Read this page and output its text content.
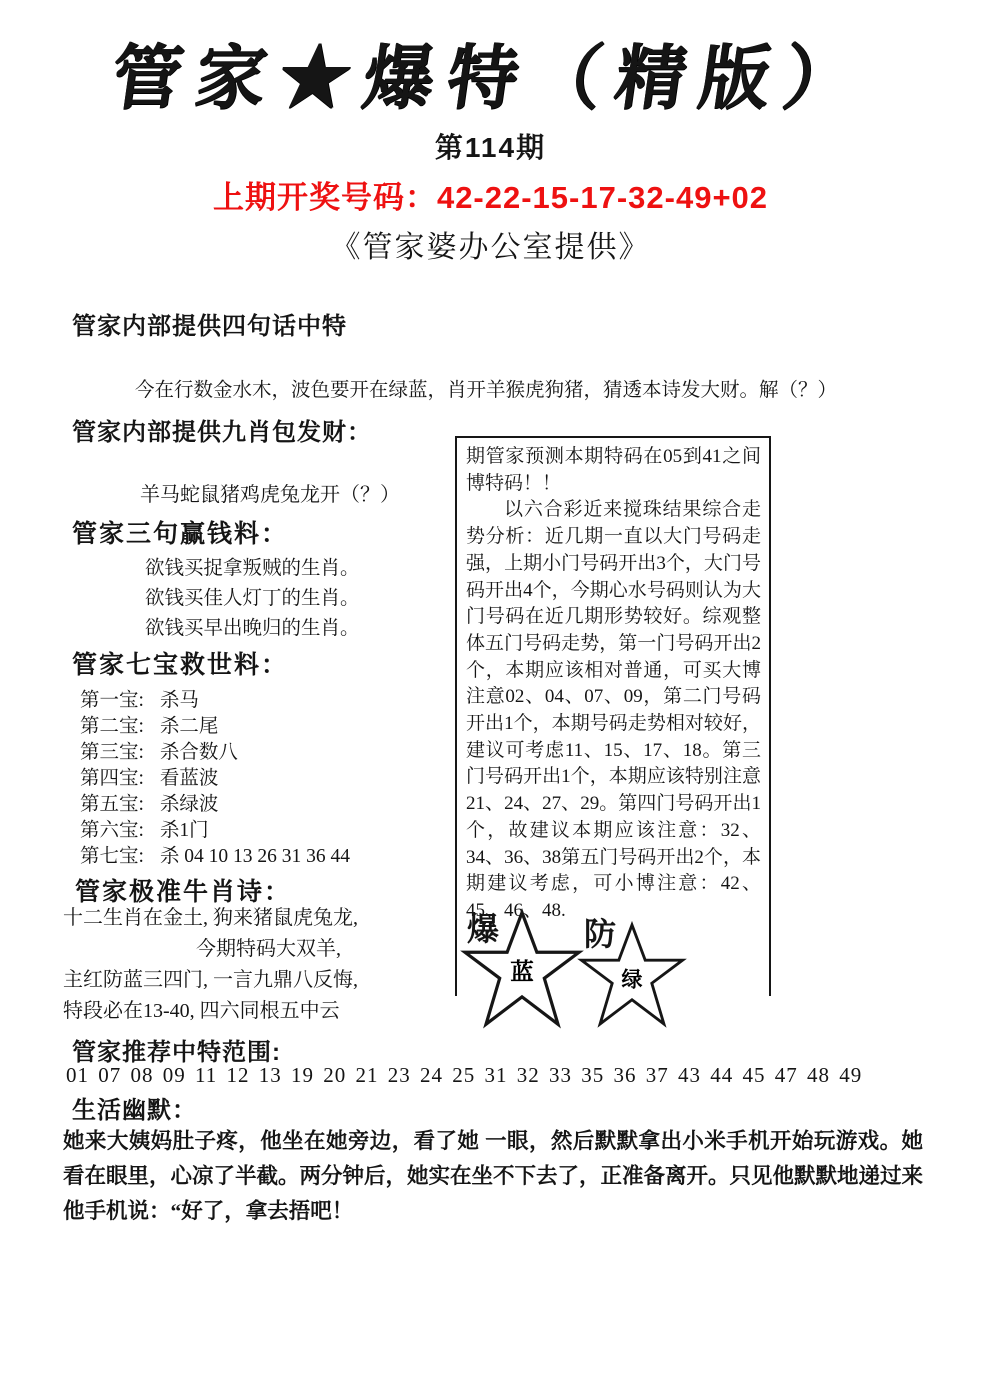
管家★爆特（精版）
第114期
上期开奖号码：42-22-15-17-32-49+02
《管家婆办公室提供》
管家内部提供四句话中特
今在行数金水木，波色要开在绿蓝，肖开羊猴虎狗猪，猜透本诗发大财。解（？）
管家内部提供九肖包发财：
羊马蛇鼠猪鸡虎兔龙开（？）
管家三句赢钱料：
欲钱买捉拿叛贼的生肖。
欲钱买佳人灯丁的生肖。
欲钱买早出晚归的生肖。
管家七宝救世料：
第一宝: 杀马
第二宝: 杀二尾
第三宝: 杀合数八
第四宝: 看蓝波
第五宝: 杀绿波
第六宝: 杀1门
第七宝: 杀 04 10 13 26 31 36 44
管家极准牛肖诗：
十二生肖在金土, 狗来猪鼠虎兔龙,
今期特码大双羊,
主红防蓝三四门, 一言九鼎八反悔,
特段必在13-40, 四六同根五中云

期管家预测本期特码在05到41之间博特码！！

以六合彩近来搅珠结果综合走势分析：近几期一直以大门号码走强，上期小门号码开出3个，大门号码开出4个，今期心水号码则认为大门号码在近几期形势较好。综观整体五门号码走势，第一门号码开出2个，本期应该相对普通，可买大博注意02、04、07、09，第二门号码开出1个，本期号码走势相对较好，建议可考虑11、15、17、18。第三门号码开出1个，本期应该特别注意21、24、27、29。第四门号码开出1个，故建议本期应该注意：32、34、36、38第五门号码开出2个，本期建议考虑，可小博注意：42、45、46、48.

爆
蓝
防
绿
管家推荐中特范围:
01 07 08 09 11 12 13 19 20 21 23 24 25 31 32 33 35 36 37 43 44 45 47 48 49
生活幽默：
她来大姨妈肚子疼，他坐在她旁边，看了她 一眼，然后默默拿出小米手机开始玩游戏。她看在眼里，心凉了半截。两分钟后，她实在坐不下去了，正准备离开。只见他默默地递过来他手机说：“好了，拿去捂吧！
